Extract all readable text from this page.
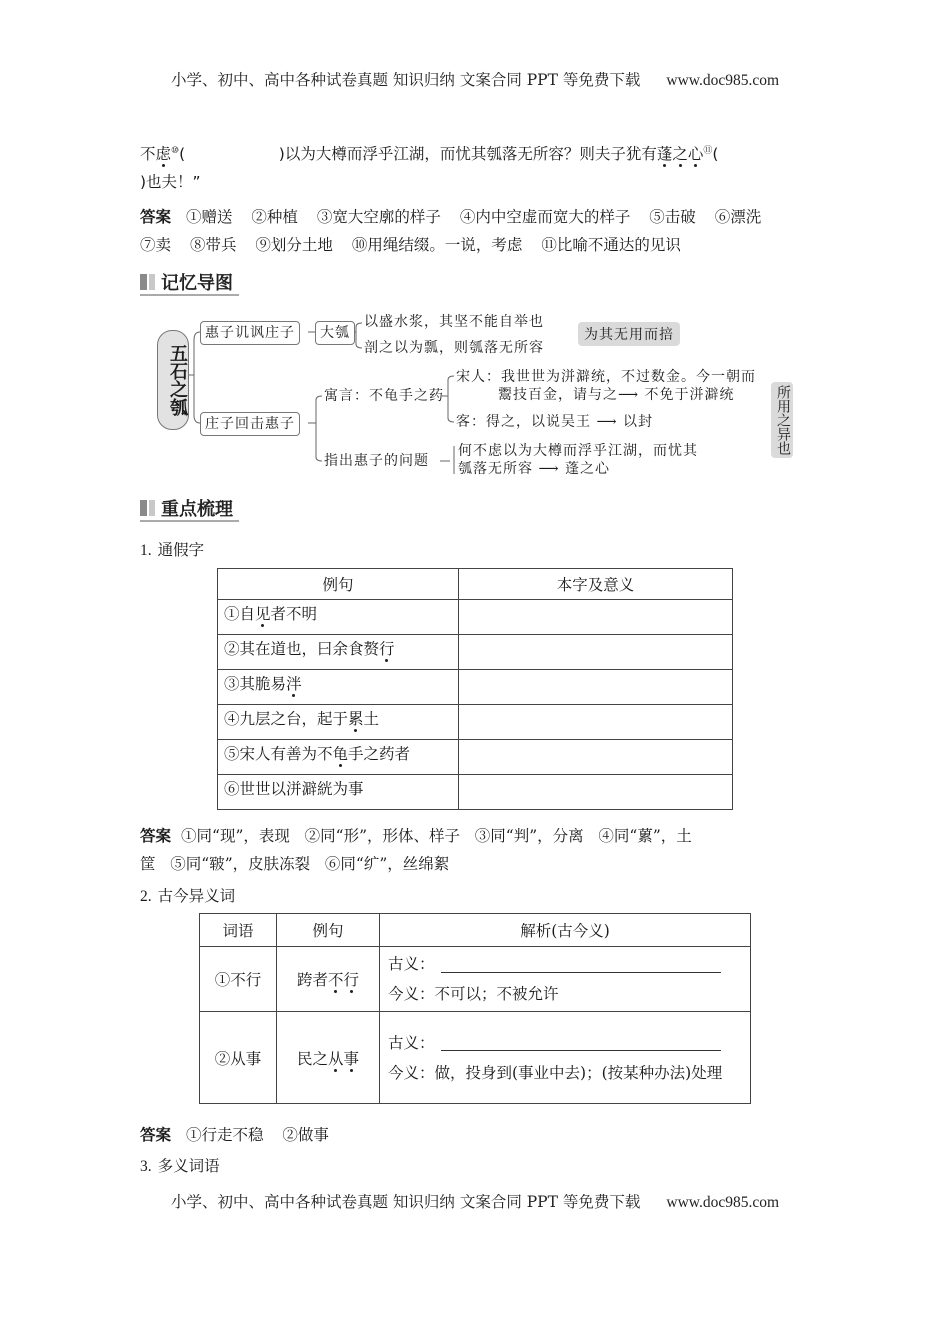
小学、初中、高中各种试卷真题 知识归纳 文案合同 PPT 等免费下载 www.doc985.com
不虑⑩(                   )以为大樽而浮乎江湖，而忧其瓠落无所容？则夫子犹有蓬之心⑪(
)也夫！”
答案 ①赠送 ②种植 ③宽大空廓的样子 ④内中空虚而宽大的样子 ⑤击破 ⑥漂洗
⑦卖 ⑧带兵 ⑨划分土地 ⑩用绳结缀。一说，考虑 ⑪比喻不通达的见识
记忆导图
五石之瓠
惠子讥讽庄子	大瓠
以盛水浆，其坚不能自举也
剖之以为瓢，则瓠落无所容
为其无用而掊
庄子回击惠子
寓言：不龟手之药
宋人：我世世为洴澼统，不过数金。今一朝而
鬻技百金，请与之⟶ 不免于洴澼统
客：得之，以说吴王 ⟶ 以封
指出惠子的问题
何不虑以为大樽而浮乎江湖，而忧其
瓠落无所容 ⟶ 蓬之心
所用之异也
重点梳理
1. 通假字
例句	本字及意义
①自见者不明	
②其在道也，曰余食赘行	
③其脆易泮	
④九层之台，起于累土	
⑤宋人有善为不龟手之药者	
⑥世世以洴澼絖为事	
答案 ①同“现”，表现   ②同“形”，形体、样子   ③同“判”，分离   ④同“蔂”，土
筐   ⑤同“皲”，皮肤冻裂   ⑥同“纩”，丝绵絮
2. 古今异义词
词语	例句	解析(古今义)
①不行	跨者不行	古义：
今义：不可以；不被允许

②从事	民之从事	古义：
今义：做，投身到(事业中去)；(按某种办法)处理
答案 ①行走不稳 ②做事
3. 多义词语
小学、初中、高中各种试卷真题 知识归纳 文案合同 PPT 等免费下载 www.doc985.com
